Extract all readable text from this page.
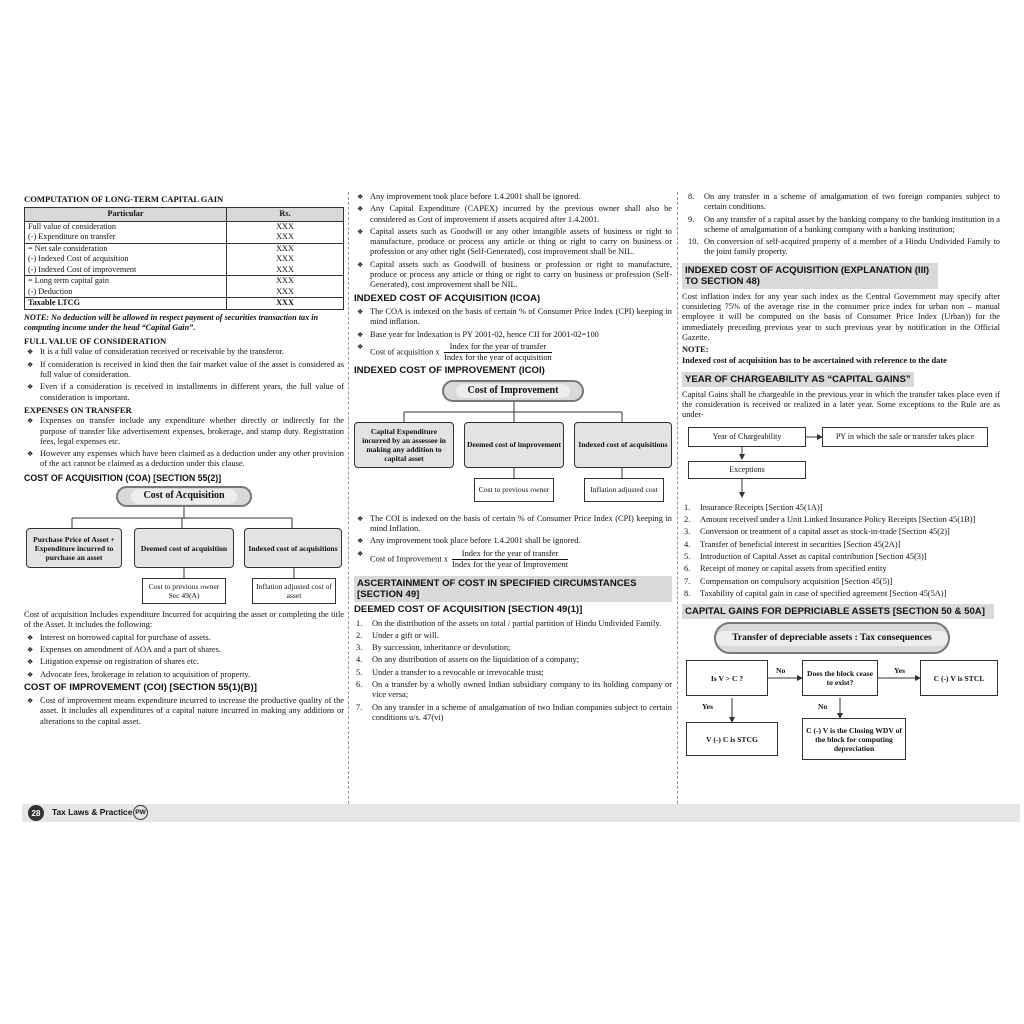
COMPUTATION OF LONG-TERM CAPITAL GAIN
Particular	Rs.
Full value of consideration	XXX
(-) Expenditure on transfer	XXX
= Net sale consideration	XXX
(-) Indexed Cost of acquisition	XXX
(-) Indexed Cost of improvement	XXX
= Long term capital gain	XXX
(-) Deduction	XXX
Taxable LTCG	XXX
NOTE: No deduction will be allowed in respect payment of securities transaction tax in computing income under the head “Capital Gain”.
FULL VALUE OF CONSIDERATION
❖ It is a full value of consideration received or receivable by the transferor.
❖ If consideration is received in kind then the fair market value of the asset is considered as full value of consideration.
❖ Even if a consideration is received in installments in different years, the full value of consideration is important.
EXPENSES ON TRANSFER
❖ Expenses on transfer include any expenditure whether directly or indirectly for the purpose of transfer like advertisement expenses, brokerage, and stamp duty. Registration fees, legal expenses etc.
❖ However any expenses which have been claimed as a deduction under any other provision of the act cannot be claimed as a deduction under this clause.
COST OF ACQUISITION (COA) [SECTION 55(2)]
Cost of Acquisition
Purchase Price of Asset + Expenditure incurred to purchase an asset
Deemed cost of acquisition	Indexed cost of acquisitions
Cost to previous owner Sec 49(A)
Inflation adjusted cost of asset

Cost of acquisition Includes expenditure Incurred for acquiring the asset or completing the title of the Asset. It includes the following:

❖ Interest on borrowed capital for purchase of assets.
❖ Expenses on amendment of AOA and a part of shares.
❖ Litigation expense on registration of shares etc.
❖ Advocate fees, brokerage in relation to acquisition of property.
COST OF IMPROVEMENT (COI) [SECTION 55(1)(B)]
❖ Cost of improvement means expenditure incurred to increase the productive quality of the asset. It includes all expenditures of a capital nature incurred in making any additions or alterations to the capital asset.
❖ Any improvement took place before 1.4.2001 shall be ignored.
❖ Any Capital Expenditure (CAPEX) incurred by the previous owner shall also be considered as Cost of improvement if assets acquired after 1.4.2001.
❖ Capital assets such as Goodwill or any other intangible assets of business or right to manufacture, produce or process any article or thing or right to carry on business or profession or any other right (Self-Generated), cost improvement shall be NIL.
❖ Capital assets such as Goodwill of business or profession or right to manufacture, produce or process any article or thing or right to carry on business or profession (Self-Generated), cost improvement shall be NIL.
INDEXED COST OF ACQUISITION (ICOA)
❖ The COA is indexed on the basis of certain % of Consumer Price Index (CPI) keeping in mind inflation.
❖ Base year for Indexation is PY 2001-02, hence CII for 2001-02=100
❖ Cost of acquisition x $\frac{\text{Index for the year of transfer}}{\text{Index for the year of acquisition}}$
INDEXED COST OF IMPROVEMENT (ICOI)
Cost of Improvement
Capital Expenditure incurred by an assessee in making any addition to capital asset
Deemed cost of improvement	Indexed cost of acquisitions
Cost to previous owner	Inflation adjusted cost
❖ The COI is indexed on the basis of certain % of Consumer Price Index (CPI) keeping in mind Inflation.
❖ Any improvement took place before 1.4.2001 shall be ignored.
❖ Cost of Improvement x $\frac{\text{Index for the year of transfer}}{\text{Index for the year of Improvement}}$
ASCERTAINMENT OF COST IN SPECIFIED CIRCUMSTANCES [SECTION 49]
DEEMED COST OF ACQUISITION [SECTION 49(1)]
1. On the distribution of the assets on total / partial partition of Hindu Undivided Family.
2. Under a gift or will.
3. By succession, inheritance or devolution;
4. On any distribution of assets on the liquidation of a company;
5. Under a transfer to a revocable or irrevocable trust;
6. On a transfer by a wholly owned Indian subsidiary company to its holding company or vice versa;
7. On any transfer in a scheme of amalgamation of two Indian companies subject to certain conditions u/s. 47(vi)
8. On any transfer in a scheme of amalgamation of two foreign companies subject to certain conditions.
9. On any transfer of a capital asset by the banking company to the banking institution in a scheme of amalgamation of a banking company with a banking institution;
10. On conversion of self-acquired property of a member of a Hindu Undivided Family to the joint family property.
INDEXED COST OF ACQUISITION (EXPLANATION (III) TO SECTION 48)

Cost inflation index for any year such index as the Central Government may specify after considering 75% of the average rise in the consumer price index for urban non – manual employee it will be computed on the basis of Consumer Price Index (Urban)) for the immediately preceding previous year to such previous year by notification in the Official Gazette.

NOTE:
Indexed cost of acquisition has to be ascertained with reference to the date
YEAR OF CHARGEABILITY AS “CAPITAL GAINS”

Capital Gains shall be chargeable in the previous year in which the transfer takes place even if the consideration is received or realized in a later year. Some exceptions to the Rule are as under-

Year of Chargeability	PY in which the sale or transfer takes place
Exceptions
1. Insurance Receipts [Section 45(1A)]
2. Amount received under a Unit Linked Insurance Policy Receipts [Section 45(1B)]
3. Conversion or treatment of a capital asset as stock-in-trade [Section 45(2)]
4. Transfer of beneficial interest in securities [Section 45(2A)]
5. Introduction of Capital Asset as capital contribution [Section 45(3)]
6. Receipt of money or capital assets from specified entity
7. Compensation on compulsory acquisition [Section 45(5)]
8. Taxability of capital gain in case of specified agreement [Section 45(5A)]
CAPITAL GAINS FOR DEPRICIABLE ASSETS [SECTION 50 & 50A]
Transfer of depreciable assets : Tax consequences
Is V > C ?	Does the block cease to exist?	C (-) V is STCL
V (-) C is STCG
C (-) V is the Closing WDV of the block for computing depreciation
No	Yes
Yes	No
28	Tax Laws & Practice PW
